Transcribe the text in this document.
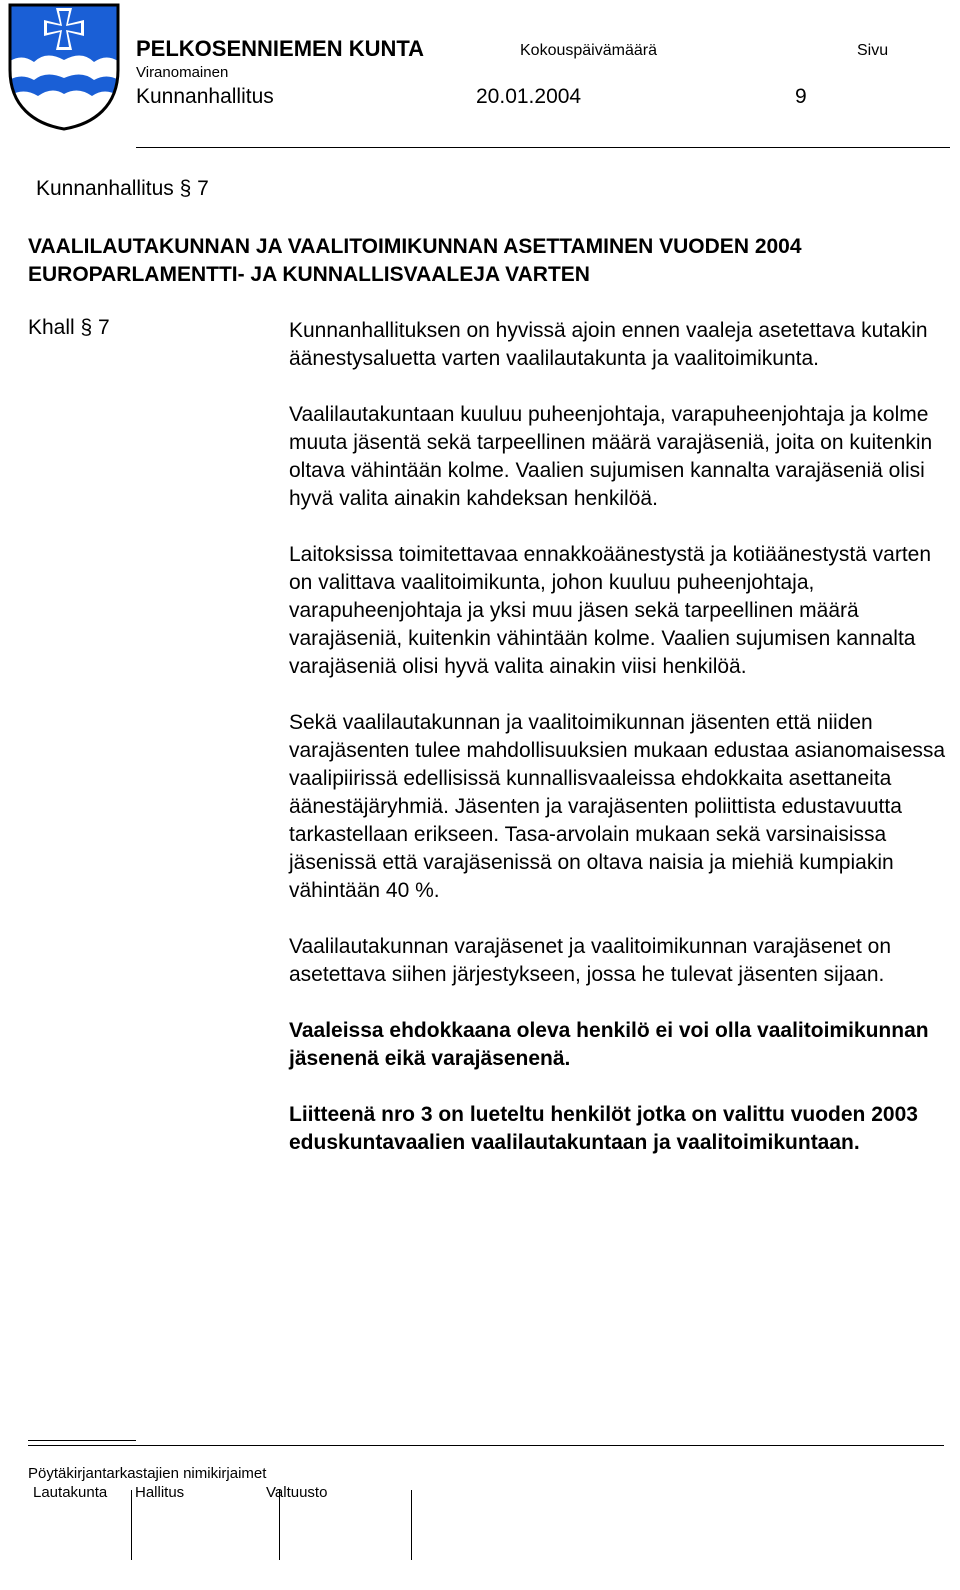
PELKOSENNIEMEN KUNTA	Kokouspäivämäärä	Sivu
Viranomainen
Kunnanhallitus	20.01.2004	9
Kunnanhallitus § 7
VAALILAUTAKUNNAN JA VAALITOIMIKUNNAN ASETTAMINEN VUODEN 2004
EUROPARLAMENTTI- JA KUNNALLISVAALEJA VARTEN
Khall § 7	Kunnanhallituksen on hyvissä ajoin ennen vaaleja asetettava kutakin äänestysaluetta varten vaalilautakunta ja vaalitoimikunta.

Vaalilautakuntaan kuuluu puheenjohtaja, varapuheenjohtaja ja kolme muuta jäsentä sekä tarpeellinen määrä varajäseniä, joita on kuitenkin oltava vähintään kolme. Vaalien sujumisen kannalta varajäseniä olisi hyvä valita ainakin kahdeksan henkilöä.

Laitoksissa toimitettavaa ennakkoäänestystä ja kotiäänestystä varten on valittava vaalitoimikunta, johon kuuluu puheenjohtaja, varapuheenjohtaja ja yksi muu jäsen sekä tarpeellinen määrä varajäseniä, kuitenkin vähintään kolme. Vaalien sujumisen kannalta varajäseniä olisi hyvä valita ainakin viisi henkilöä.

Sekä vaalilautakunnan ja vaalitoimikunnan jäsenten että niiden varajäsenten tulee mahdollisuuksien mukaan edustaa asianomaisessa vaalipiirissä edellisissä kunnallisvaaleissa ehdokkaita asettaneita äänestäjäryhmiä. Jäsenten ja varajäsenten poliittista edustavuutta tarkastellaan erikseen. Tasa-arvolain mukaan sekä varsinaisissa jäsenissä että varajäsenissä on oltava naisia ja miehiä kumpiakin vähintään 40 %.

Vaalilautakunnan varajäsenet ja vaalitoimikunnan varajäsenet on asetettava siihen järjestykseen, jossa he tulevat jäsenten sijaan.

Vaaleissa ehdokkaana oleva henkilö ei voi olla vaalitoimikunnan jäsenenä eikä varajäsenenä.

Liitteenä nro 3 on lueteltu henkilöt jotka on valittu vuoden 2003 eduskuntavaalien vaalilautakuntaan ja vaalitoimikuntaan.

Pöytäkirjantarkastajien nimikirjaimet
Lautakunta Hallitus	Valtuusto
